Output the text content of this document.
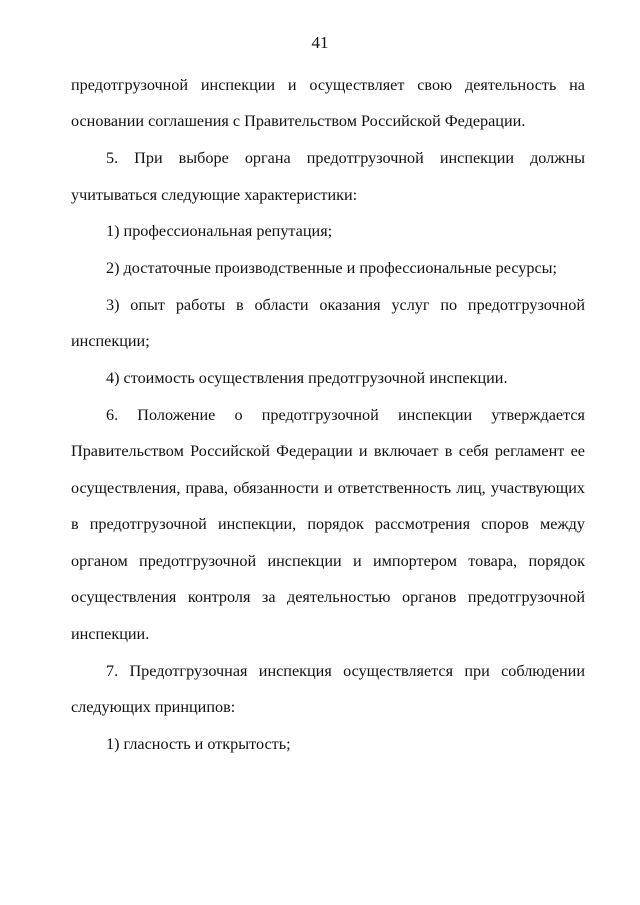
41
предотгрузочной инспекции и осуществляет свою деятельность на
основании соглашения с Правительством Российской Федерации.
5. При выборе органа предотгрузочной инспекции должны
учитываться следующие характеристики:
1) профессиональная репутация;
2) достаточные производственные и профессиональные ресурсы;
3) опыт работы в области оказания услуг по предотгрузочной
инспекции;
4) стоимость осуществления предотгрузочной инспекции.
6. Положение о предотгрузочной инспекции утверждается
Правительством Российской Федерации и включает в себя регламент ее
осуществления, права, обязанности и ответственность лиц, участвующих
в предотгрузочной инспекции, порядок рассмотрения споров между
органом предотгрузочной инспекции и импортером товара, порядок
осуществления контроля за деятельностью органов предотгрузочной
инспекции.
7. Предотгрузочная инспекция осуществляется при соблюдении
следующих принципов:
1) гласность и открытость;
